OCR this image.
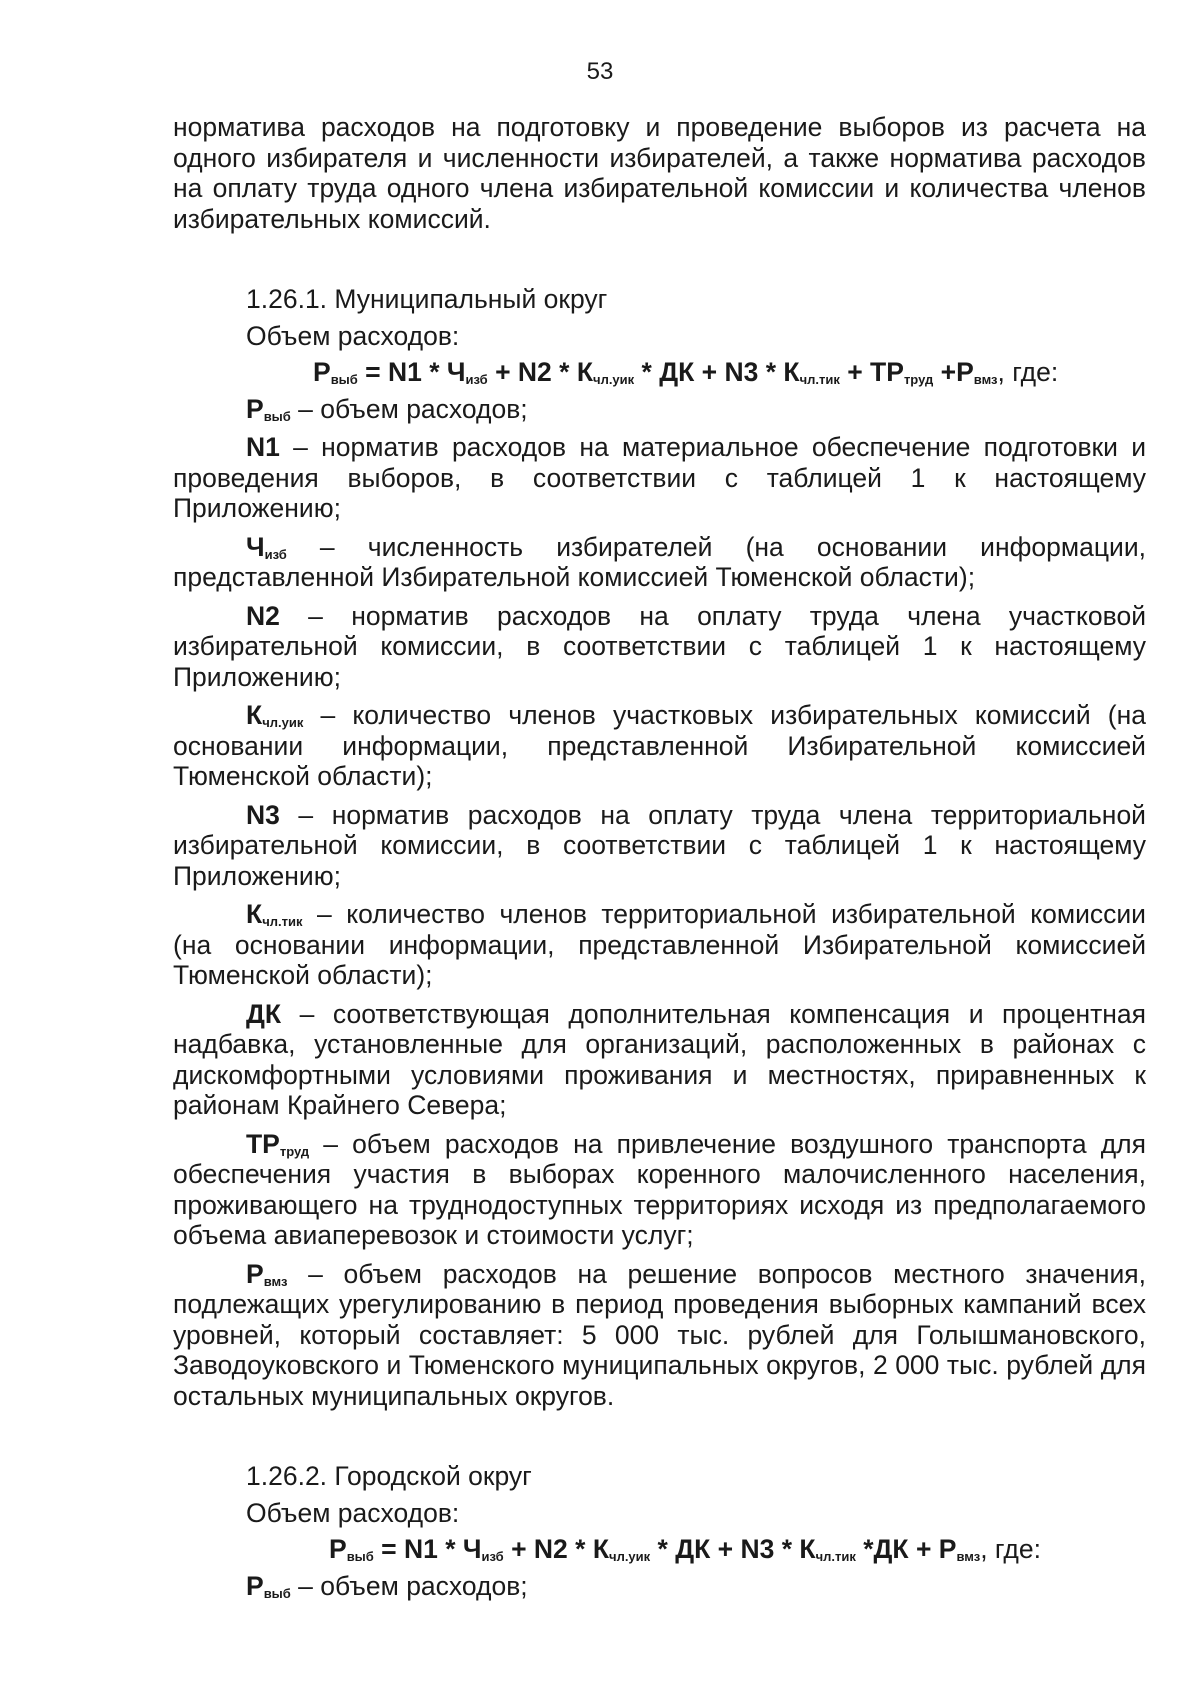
53

норматива расходов на подготовку и проведение выборов из расчета на одного избирателя и численности избирателей, а также норматива расходов на оплату труда одного члена избирательной комиссии и количества членов избирательных комиссий.

1.26.1. Муниципальный округ

Объем расходов:

$Р_{выб} = N1 * Ч_{изб} + N2 * К_{чл.уик}$ * ДК + $N3 * К_{чл.тик} + ТР_{труд} +Р_{вмз}$, где:

$Р_{выб}$ – объем расходов;

N1 – норматив расходов на материальное обеспечение подготовки и проведения выборов, в соответствии с таблицей 1 к настоящему Приложению;

$Ч_{изб}$ – численность избирателей (на основании информации, представленной Избирательной комиссией Тюменской области);

N2 – норматив расходов на оплату труда члена участковой избирательной комиссии, в соответствии с таблицей 1 к настоящему Приложению;

$К_{чл.уик}$ – количество членов участковых избирательных комиссий (на основании информации, представленной Избирательной комиссией Тюменской области);

N3 – норматив расходов на оплату труда члена территориальной избирательной комиссии, в соответствии с таблицей 1 к настоящему Приложению;

$К_{чл.тик}$ – количество членов территориальной избирательной комиссии (на основании информации, представленной Избирательной комиссией Тюменской области);

ДК – соответствующая дополнительная компенсация и процентная надбавка, установленные для организаций, расположенных в районах с дискомфортными условиями проживания и местностях, приравненных к районам Крайнего Севера;

$ТР_{труд}$ – объем расходов на привлечение воздушного транспорта для обеспечения участия в выборах коренного малочисленного населения, проживающего на труднодоступных территориях исходя из предполагаемого объема авиаперевозок и стоимости услуг;

$Р_{вмз}$ – объем расходов на решение вопросов местного значения, подлежащих урегулированию в период проведения выборных кампаний всех уровней, который составляет: 5 000 тыс. рублей для Голышмановского, Заводоуковского и Тюменского муниципальных округов, 2 000 тыс. рублей для остальных муниципальных округов.

1.26.2. Городской округ

Объем расходов:

$Р_{выб} = N1 * Ч_{изб} + N2 * К_{чл.уик}$ * ДК + $N3 * К_{чл.тик}$ $*ДК + Р_{вмз}$, где:

$Р_{выб}$ – объем расходов;
